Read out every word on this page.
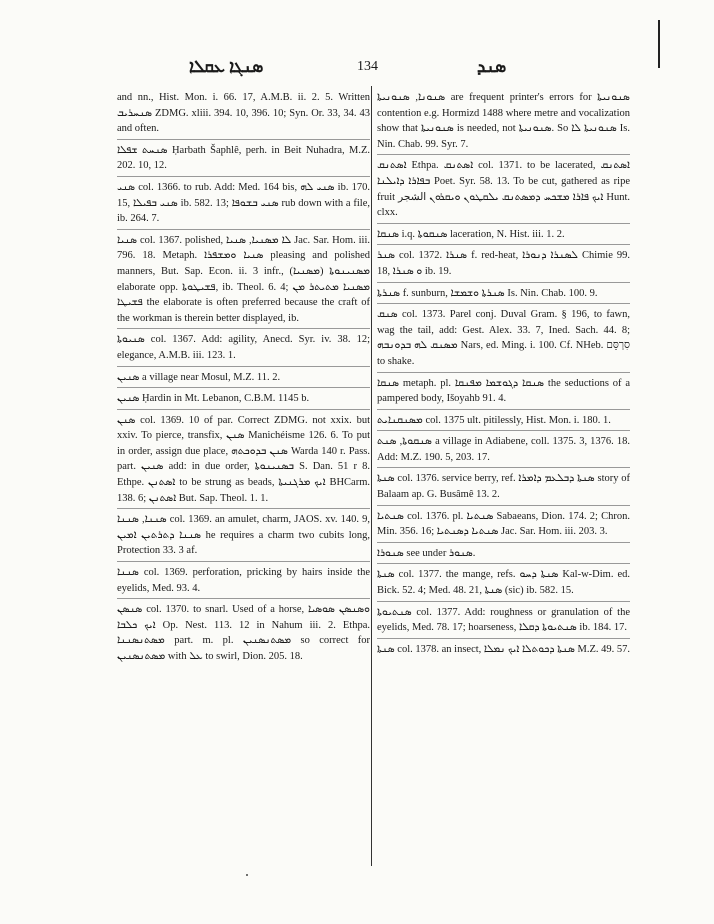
ܣܢܓܐ ܥܩܠܐ	134	ܣܢܕ

and nn., Hist. Mon. i. 66. 17, A.M.B. ii. 2. 5. Written ܣܢܚܪܝܒ ZDMG. xliii. 394. 10, 396. 10; Syn. Or. 33, 34. 43 and often.

ܣܢܚܬ ܫܦܠܐ Ḥarbath Šaphlê, perh. in Beit Nuhadra, M.Z. 202. 10, 12.

ܣܢܝ col. 1366. to rub. Add: Med. 164 bis, ܣܢܝ ܠܗ ib. 170. 15, ܣܢܝ ܒܦܝܠܐ ib. 582. 13; ܣܢܝ ܒܫܘܦܐ rub down with a file, ib. 264. 7.

ܣܢܝܐ col. 1367. polished, ܠܐ ܡܣܢܝܐ, ܣܢܝܐ Jac. Sar. Hom. iii. 796. 18. Metaph. ܣܢܝܐ ܘܡܫܦܪܐ pleasing and polished manners, But. Sap. Econ. ii. 3 infr., ܡܣܢܝܢܘܬܐ (ܡܣܢܝܐ) elaborate opp. ܦܫܝܛܘܬܐ, ib. Theol. 6. 4; ܡܣܢܝܐ ܡܬܝܬܪ ܡܢ ܦܫܝܛܐ the elaborate is often preferred because the craft of the workman is therein better displayed, ib.

ܣܢܝܘܬܐ col. 1367. Add: agility, Anecd. Syr. iv. 38. 12; elegance, A.M.B. iii. 123. 1.

ܣܢܝܢ a village near Mosul, M.Z. 11. 2.

ܣܢܝܢ Ḥardin in Mt. Lebanon, C.B.M. 1145 b.

ܣܢܢ col. 1369. 10 of par. Correct ZDMG. not xxix. but xxiv. To pierce, transfix, ܣܢܢ Manichéisme 126. 6. To put in order, assign due place, ܣܢܢ ܒܕܘܟܬܗ Warda 140 r. Pass. part. ܣܢܝܢ add: in due order, ܒܣܢܝܢܘܬܐ S. Dan. 51 r 8. Ethpe. ܐܣܬܢܢ to be strung as beads, ܐܝܟ ܡܪܓܢܝܬܐ BHCarm. 138. 6; ܐܣܬܢܢ But. Sap. Theol. 1. 1.

ܣܢܢܐ, ܣܢܢܐ col. 1369. an amulet, charm, JAOS. xv. 140. 9, ܣܢܢܐ ܕܬܪܬܝܢ ܐܡܝܢ he requires a charm two cubits long, Protection 33. 3 af.

ܣܢܢܐ col. 1369. perforation, pricking by hairs inside the eyelids, Med. 93. 4.

ܣܢܣܢ col. 1370. to snarl. Used of a horse, ܘܣܢܣܢ ܣܘܣܝܐ ܐܝܟ ܟܠܒܐ Op. Nest. 113. 12 in Nahum iii. 2. Ethpa. ܡܣܬܢܣܢܢܐ part. m. pl. ܡܣܬܢܣܢܝܢ so correct for ܡܣܬܢܣܢܝܢ with ܥܠ to swirl, Dion. 205. 18.

ܣܢܘܢܐ, ܣܢܘܢܝܬܐ are frequent printer's errors for ܣܢܘܢܝܬܐ contention e.g. Hormizd 1488 where metre and vocalization show that ܣܢܘܢܝܬܐ is needed, not ܣܢܘܢܝܬܐ. So ܣܢܘܢܝܬܐ ܠܐ Is. Nin. Chab. 99. Syr. 7.

ܐܣܬܢܩ Ethpa. ܐܣܬܢܩ col. 1371. to be lacerated, ܐܣܬܢܩ ܒܦܐܪܐ ܕܐܝܠܢܐ Poet. Syr. 58. 13. To be cut, gathered as ripe fruit ܐܝܟ ܦܐܪܐ ܡܫܟܚ ܕܡܣܬܢܩ ܝܠܩܛܘܢ ܘܝܩܪܘܢ الشجر Hunt. clxx.

ܣܢܩܐ i.q. ܣܢܩܘܬܐ laceration, N. Hist. iii. 1. 2.

ܣܢܪ col. 1372. ܣܢܪܐ f. red-heat, ܠܣܢܪܐ ܕܢܘܪܐ Chimie 99. 18, ܘ ܣܢܪܐ ib. 19.

ܣܢܪܬܐ f. sunburn, ܣܢܪܬܐ ܘܫܡܫܐ Is. Nin. Chab. 100. 9.

ܣܢܩ col. 1373. Parel conj. Duval Gram. § 196, to fawn, wag the tail, add: Gest. Alex. 33. 7, Ined. Sach. 44. 8; ܡܣܢܩ ܠܗ ܒܕܘܢܒܗ Nars, ed. Ming. i. 100. Cf. NHeb. סִרְסֵּם to shake.

ܣܢܩܐ metaph. pl. ܣܢܩܐ ܕܓܘܫܡܐ ܡܦܢܩܐ the seductions of a pampered body, Išoyahb 91. 4.

ܡܣܢܩܢܐܝܬ col. 1375 ult. pitilessly, Hist. Mon. i. 180. 1.

ܣܢܩܘܬܐ, ܣܢܬ a village in Adiabene, coll. 1375. 3, 1376. 18. Add: M.Z. 190. 5, 203. 17.

ܣܢܬܐ col. 1376. service berry, ref. ܣܢܬܐ ܕܒܠܥܡ ܕܐܡܪܐ story of Balaam ap. G. Busâmê 13. 2.

ܣܢܬܝܐ col. 1376. pl. ܣܢܬܝܐ Sabaeans, Dion. 174. 2; Chron. Min. 356. 16; ܣܢܬܝܐ ܕܣܢܬܝܐ Jac. Sar. Hom. iii. 203. 3.

ܣܢܘܪܐ see under ܣܢܘܪ.

ܣܢܬܐ col. 1377. the mange, refs. ܣܢܬܐ ܕܚܘ Kal-w-Dim. ed. Bick. 52. 4; Med. 48. 21, ܣܢܬܐ (sic) ib. 582. 15.

ܣܢܬܝܘܬܐ col. 1377. Add: roughness or granulation of the eyelids, Med. 78. 17; hoarseness, ܣܢܬܝܘܬܐ ܕܩܠܐ ib. 184. 17.

ܣܢܬܐ col. 1378. an insect, ܣܢܬܐ ܕܟܘܬܠܐ ܐܝܟ ܢܡܠܐ M.Z. 49. 57.
